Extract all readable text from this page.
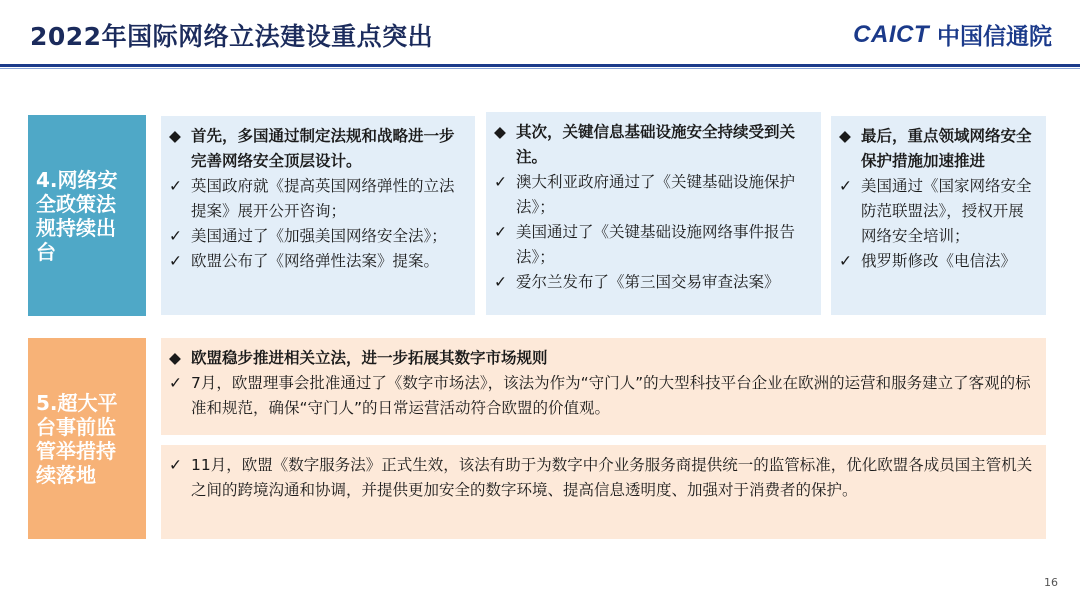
2022年国际网络立法建设重点突出	CAICT 中国信通院
4.网络安全政策法规持续出台
◆ 首先，多国通过制定法规和战略进一步完善网络安全顶层设计。
✓ 英国政府就《提高英国网络弹性的立法提案》展开公开咨询；
✓ 美国通过了《加强美国网络安全法》；
✓ 欧盟公布了《网络弹性法案》提案。
◆ 其次，关键信息基础设施安全持续受到关注。
✓ 澳大利亚政府通过了《关键基础设施保护法》；
✓ 美国通过了《关键基础设施网络事件报告法》；
✓ 爱尔兰发布了《第三国交易审查法案》
◆ 最后，重点领域网络安全保护措施加速推进
✓ 美国通过《国家网络安全防范联盟法》，授权开展网络安全培训；
✓ 俄罗斯修改《电信法》
5.超大平台事前监管举措持续落地
◆ 欧盟稳步推进相关立法，进一步拓展其数字市场规则
✓ 7月，欧盟理事会批准通过了《数字市场法》，该法为作为“守门人”的大型科技平台企业在欧洲的运营和服务建立了客观的标准和规范，确保“守门人”的日常运营活动符合欧盟的价值观。
✓ 11月，欧盟《数字服务法》正式生效，该法有助于为数字中介业务服务商提供统一的监管标准，优化欧盟各成员国主管机关之间的跨境沟通和协调，并提供更加安全的数字环境、提高信息透明度、加强对于消费者的保护。
16
